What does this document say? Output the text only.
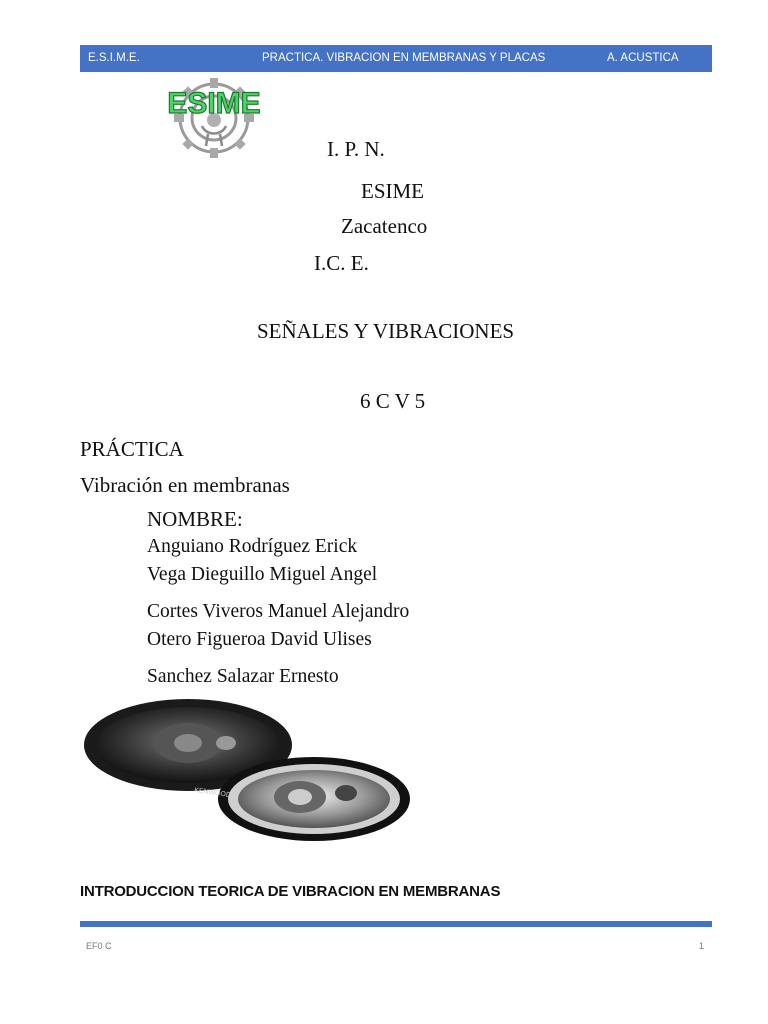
E.S.I.M.E.	PRACTICA. VIBRACION EN MEMBRANAS Y PLACAS	A. ACUSTICA
ESIME
I. P. N.
ESIME
Zacatenco
I.C. E.
SEÑALES Y VIBRACIONES
6 C V 5
PRÁCTICA
Vibración en membranas
NOMBRE:
Anguiano Rodríguez Erick
Vega Dieguillo Miguel Angel
Cortes Viveros Manuel Alejandro
Otero Figueroa David Ulises
Sanchez Salazar Ernesto
KENWOOD
INTRODUCCION TEORICA DE VIBRACION EN MEMBRANAS
EF0 C	1
